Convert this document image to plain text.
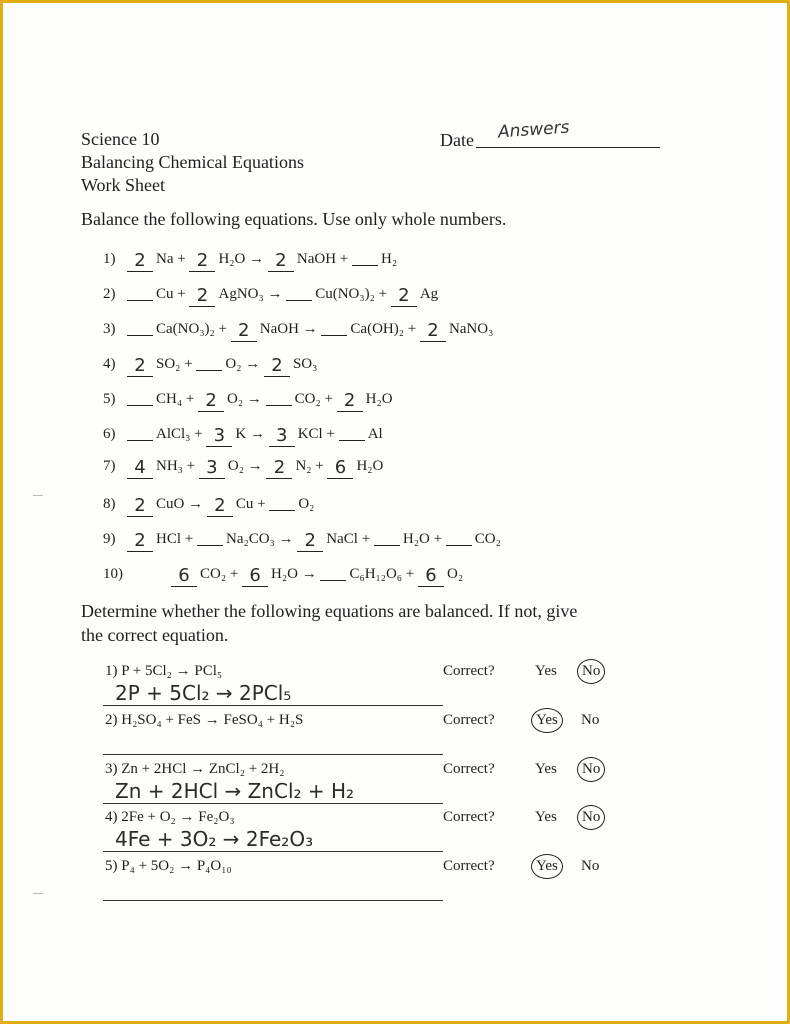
Science 10
Balancing Chemical Equations
Work Sheet
Date Answers
Balance the following equations. Use only whole numbers.
1) 2 Na + 2 H₂O → 2 NaOH + H₂
2)	Cu + 2 AgNO₃ → Cu(NO₃)₂ + 2 Ag
3)	Ca(NO₃)₂ + 2 NaOH → Ca(OH)₂ + 2 NaNO₃
4) 2 SO₂ + O₂ → 2 SO₃
5)	CH₄ + 2 O₂ → CO₂ + 2 H₂O
6)	AlCl₃ + 3 K → 3 KCl + Al
7) 4 NH₃ + 3 O₂ → 2 N₂ + 6 H₂O
8) 2 CuO → 2 Cu + O₂
9) 2 HCl + Na₂CO₃ → 2 NaCl + H₂O + CO₂
10)	6 CO₂ + 6 H₂O → C₆H₁₂O₆ + 6 O₂
Determine whether the following equations are balanced. If not, give
the correct equation.
1) P + 5Cl₂ → PCl₅	Correct?	Yes No
2P + 5Cl₂ → 2PCl₅
2) H₂SO₄ + FeS → FeSO₄ + H₂S	Correct?	Yes No
3) Zn + 2HCl → ZnCl₂ + 2H₂	Correct?	Yes No
Zn + 2HCl → ZnCl₂ + H₂
4) 2Fe + O₂ → Fe₂O₃	Correct?	Yes No
4Fe + 3O₂ → 2Fe₂O₃
5) P₄ + 5O₂ → P₄O₁₀	Correct?	Yes No
